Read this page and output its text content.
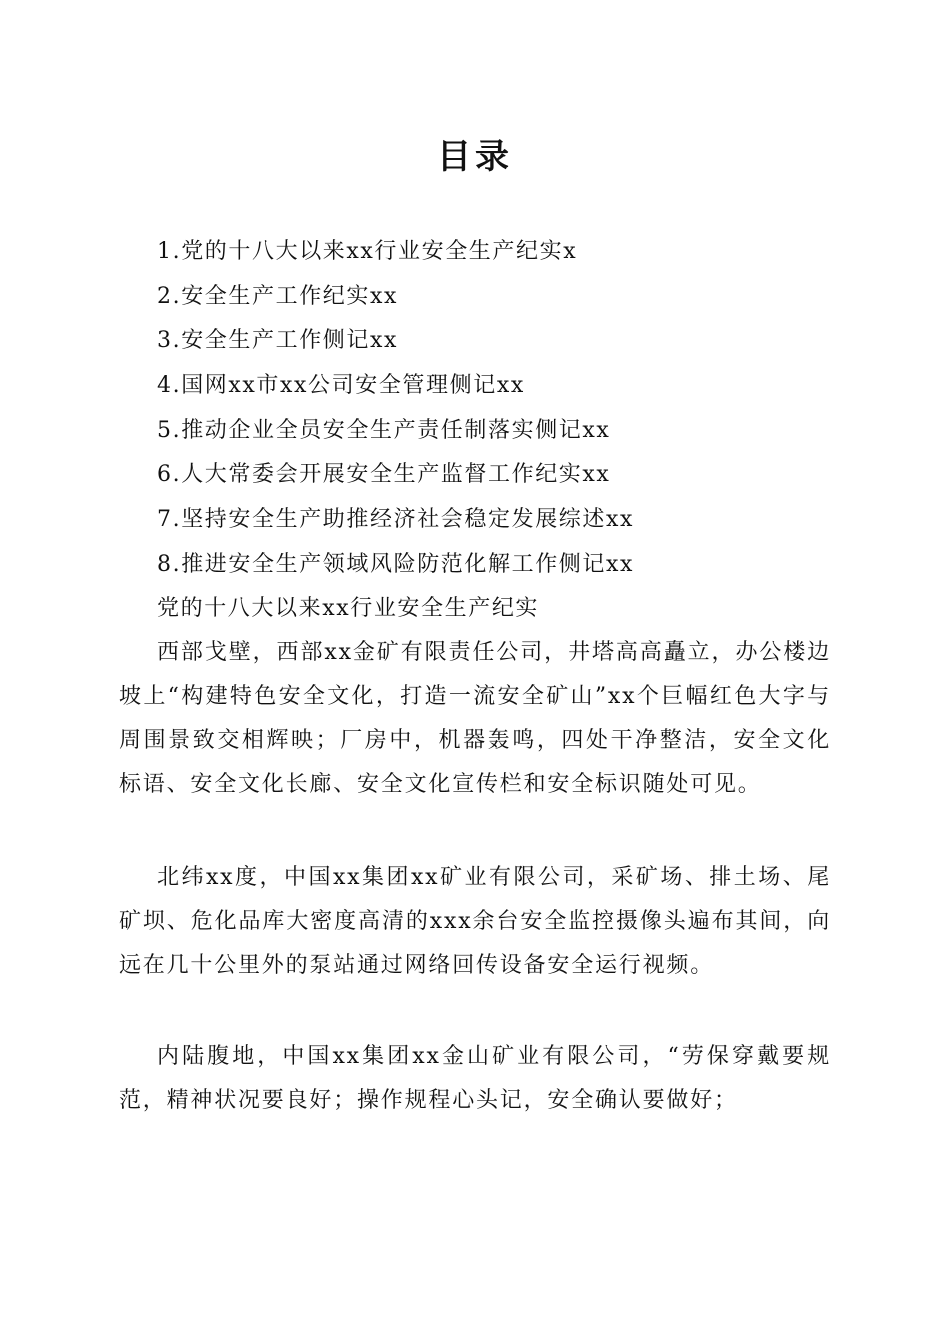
目录
1.党的十八大以来xx行业安全生产纪实x
2.安全生产工作纪实xx
3.安全生产工作侧记xx
4.国网xx市xx公司安全管理侧记xx
5.推动企业全员安全生产责任制落实侧记xx
6.人大常委会开展安全生产监督工作纪实xx
7.坚持安全生产助推经济社会稳定发展综述xx
8.推进安全生产领域风险防范化解工作侧记xx
党的十八大以来xx行业安全生产纪实

西部戈壁，西部xx金矿有限责任公司，井塔高高矗立，办公楼边坡上“构建特色安全文化，打造一流安全矿山”xx个巨幅红色大字与周围景致交相辉映；厂房中，机器轰鸣，四处干净整洁，安全文化标语、安全文化长廊、安全文化宣传栏和安全标识随处可见。

北纬xx度，中国xx集团xx矿业有限公司，采矿场、排土场、尾矿坝、危化品库大密度高清的xxx余台安全监控摄像头遍布其间，向远在几十公里外的泵站通过网络回传设备安全运行视频。

内陆腹地，中国xx集团xx金山矿业有限公司，“劳保穿戴要规范，精神状况要良好；操作规程心头记，安全确认要做好；
